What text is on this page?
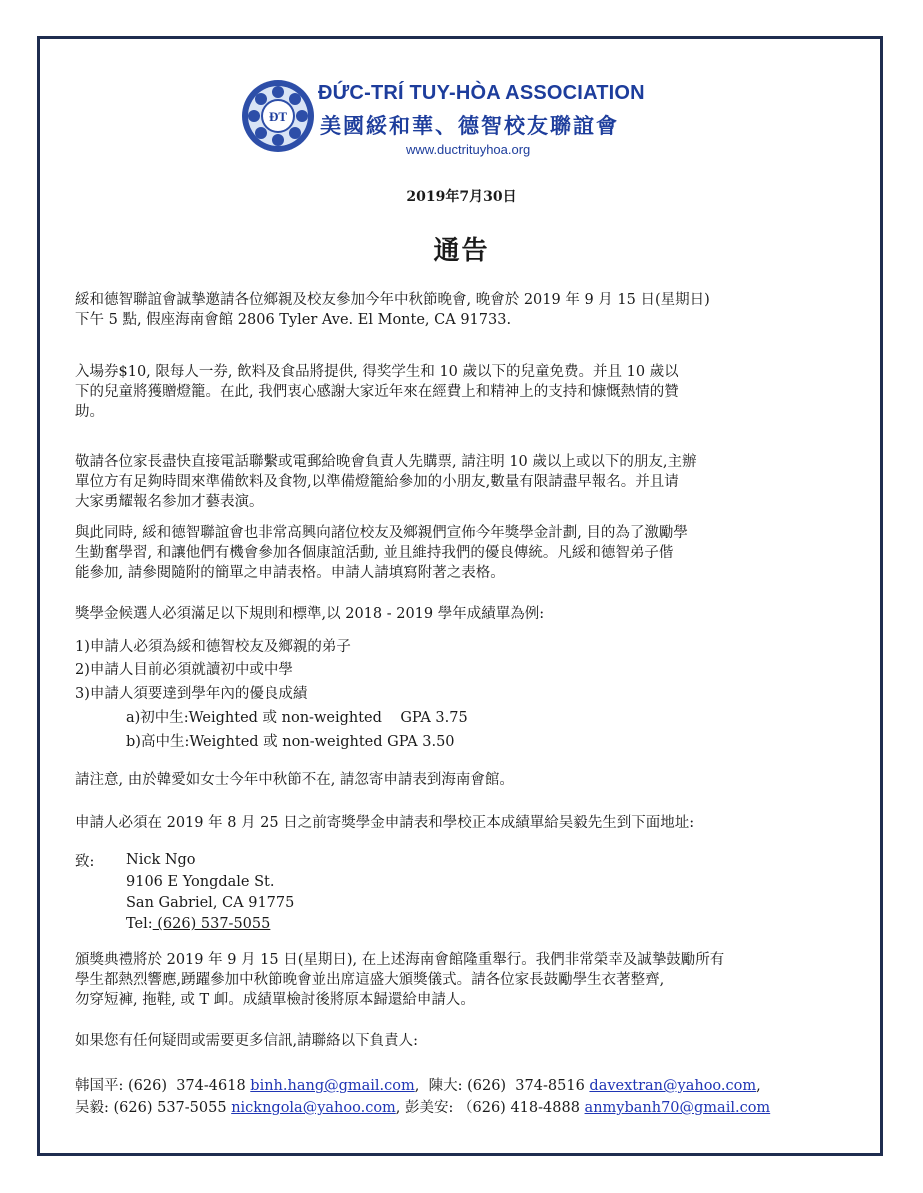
ĐT
ĐỨC-TRÍ TUY-HÒA ASSOCIATION
美國綏和華、德智校友聯誼會
www.ductrituyhoa.org
2019年7月30日
通告
綏和德智聯誼會誠摯邀請各位鄉親及校友參加今年中秋節晚會, 晚會於 2019 年 9 月 15 日(星期日)
下午 5 點, 假座海南會館 2806 Tyler Ave. El Monte, CA 91733.
入場券$10, 限每人一券, 飲料及食品將提供, 得奖学生和 10 歲以下的兒童免费。并且 10 歲以
下的兒童將獲贈燈籠。在此, 我們衷心感謝大家近年來在經費上和精神上的支持和慷慨熱情的贊
助。
敬請各位家長盡快直接電話聯繫或電郵給晚會負責人先購票, 請注明 10 歲以上或以下的朋友,主辦
單位方有足夠時間來準備飲料及食物,以準備燈籠給參加的小朋友,數量有限請盡早報名。并且请
大家勇耀報名参加才藝表演。
與此同時, 綏和德智聯誼會也非常高興向諸位校友及鄉親們宣佈今年獎學金計劃, 目的為了激勵學
生勤奮學習, 和讓他們有機會參加各個康誼活動, 並且維持我們的優良傳統。凡綏和德智弟子偕
能參加, 請參閱隨附的簡單之申請表格。申請人請填寫附著之表格。
獎學金候選人必須滿足以下規則和標準,以 2018 - 2019 學年成績單為例:
1)申請人必須為綏和德智校友及鄉親的弟子
2)申請人目前必須就讀初中或中學
3)申請人須要達到學年內的優良成績
a)初中生:Weighted 或 non-weighted    GPA 3.75
b)高中生:Weighted 或 non-weighted GPA 3.50
請注意, 由於韓愛如女士今年中秋節不在, 請忽寄申請表到海南會館。
申請人必須在 2019 年 8 月 25 日之前寄獎學金申請表和學校正本成績單給吴毅先生到下面地址:
致: Nick Ngo
9106 E Yongdale St.
San Gabriel, CA 91775
Tel: (626) 537-5055
頒獎典禮將於 2019 年 9 月 15 日(星期日), 在上述海南會館隆重舉行。我們非常榮幸及誠摯鼓勵所有
學生都熱烈響應,踴躍參加中秋節晚會並出席這盛大頒獎儀式。請各位家長鼓勵學生衣著整齊,
勿穿短褲, 拖鞋, 或 T 卹。成績單檢討後將原本歸還給申請人。
如果您有任何疑問或需要更多信訊,請聯絡以下負責人:
韩国平: (626)  374-4618 binh.hang@gmail.com,  陳大: (626)  374-8516 davextran@yahoo.com,
吴毅: (626) 537-5055 nickngola@yahoo.com, 彭美安: （626) 418-4888 anmybanh70@gmail.com
